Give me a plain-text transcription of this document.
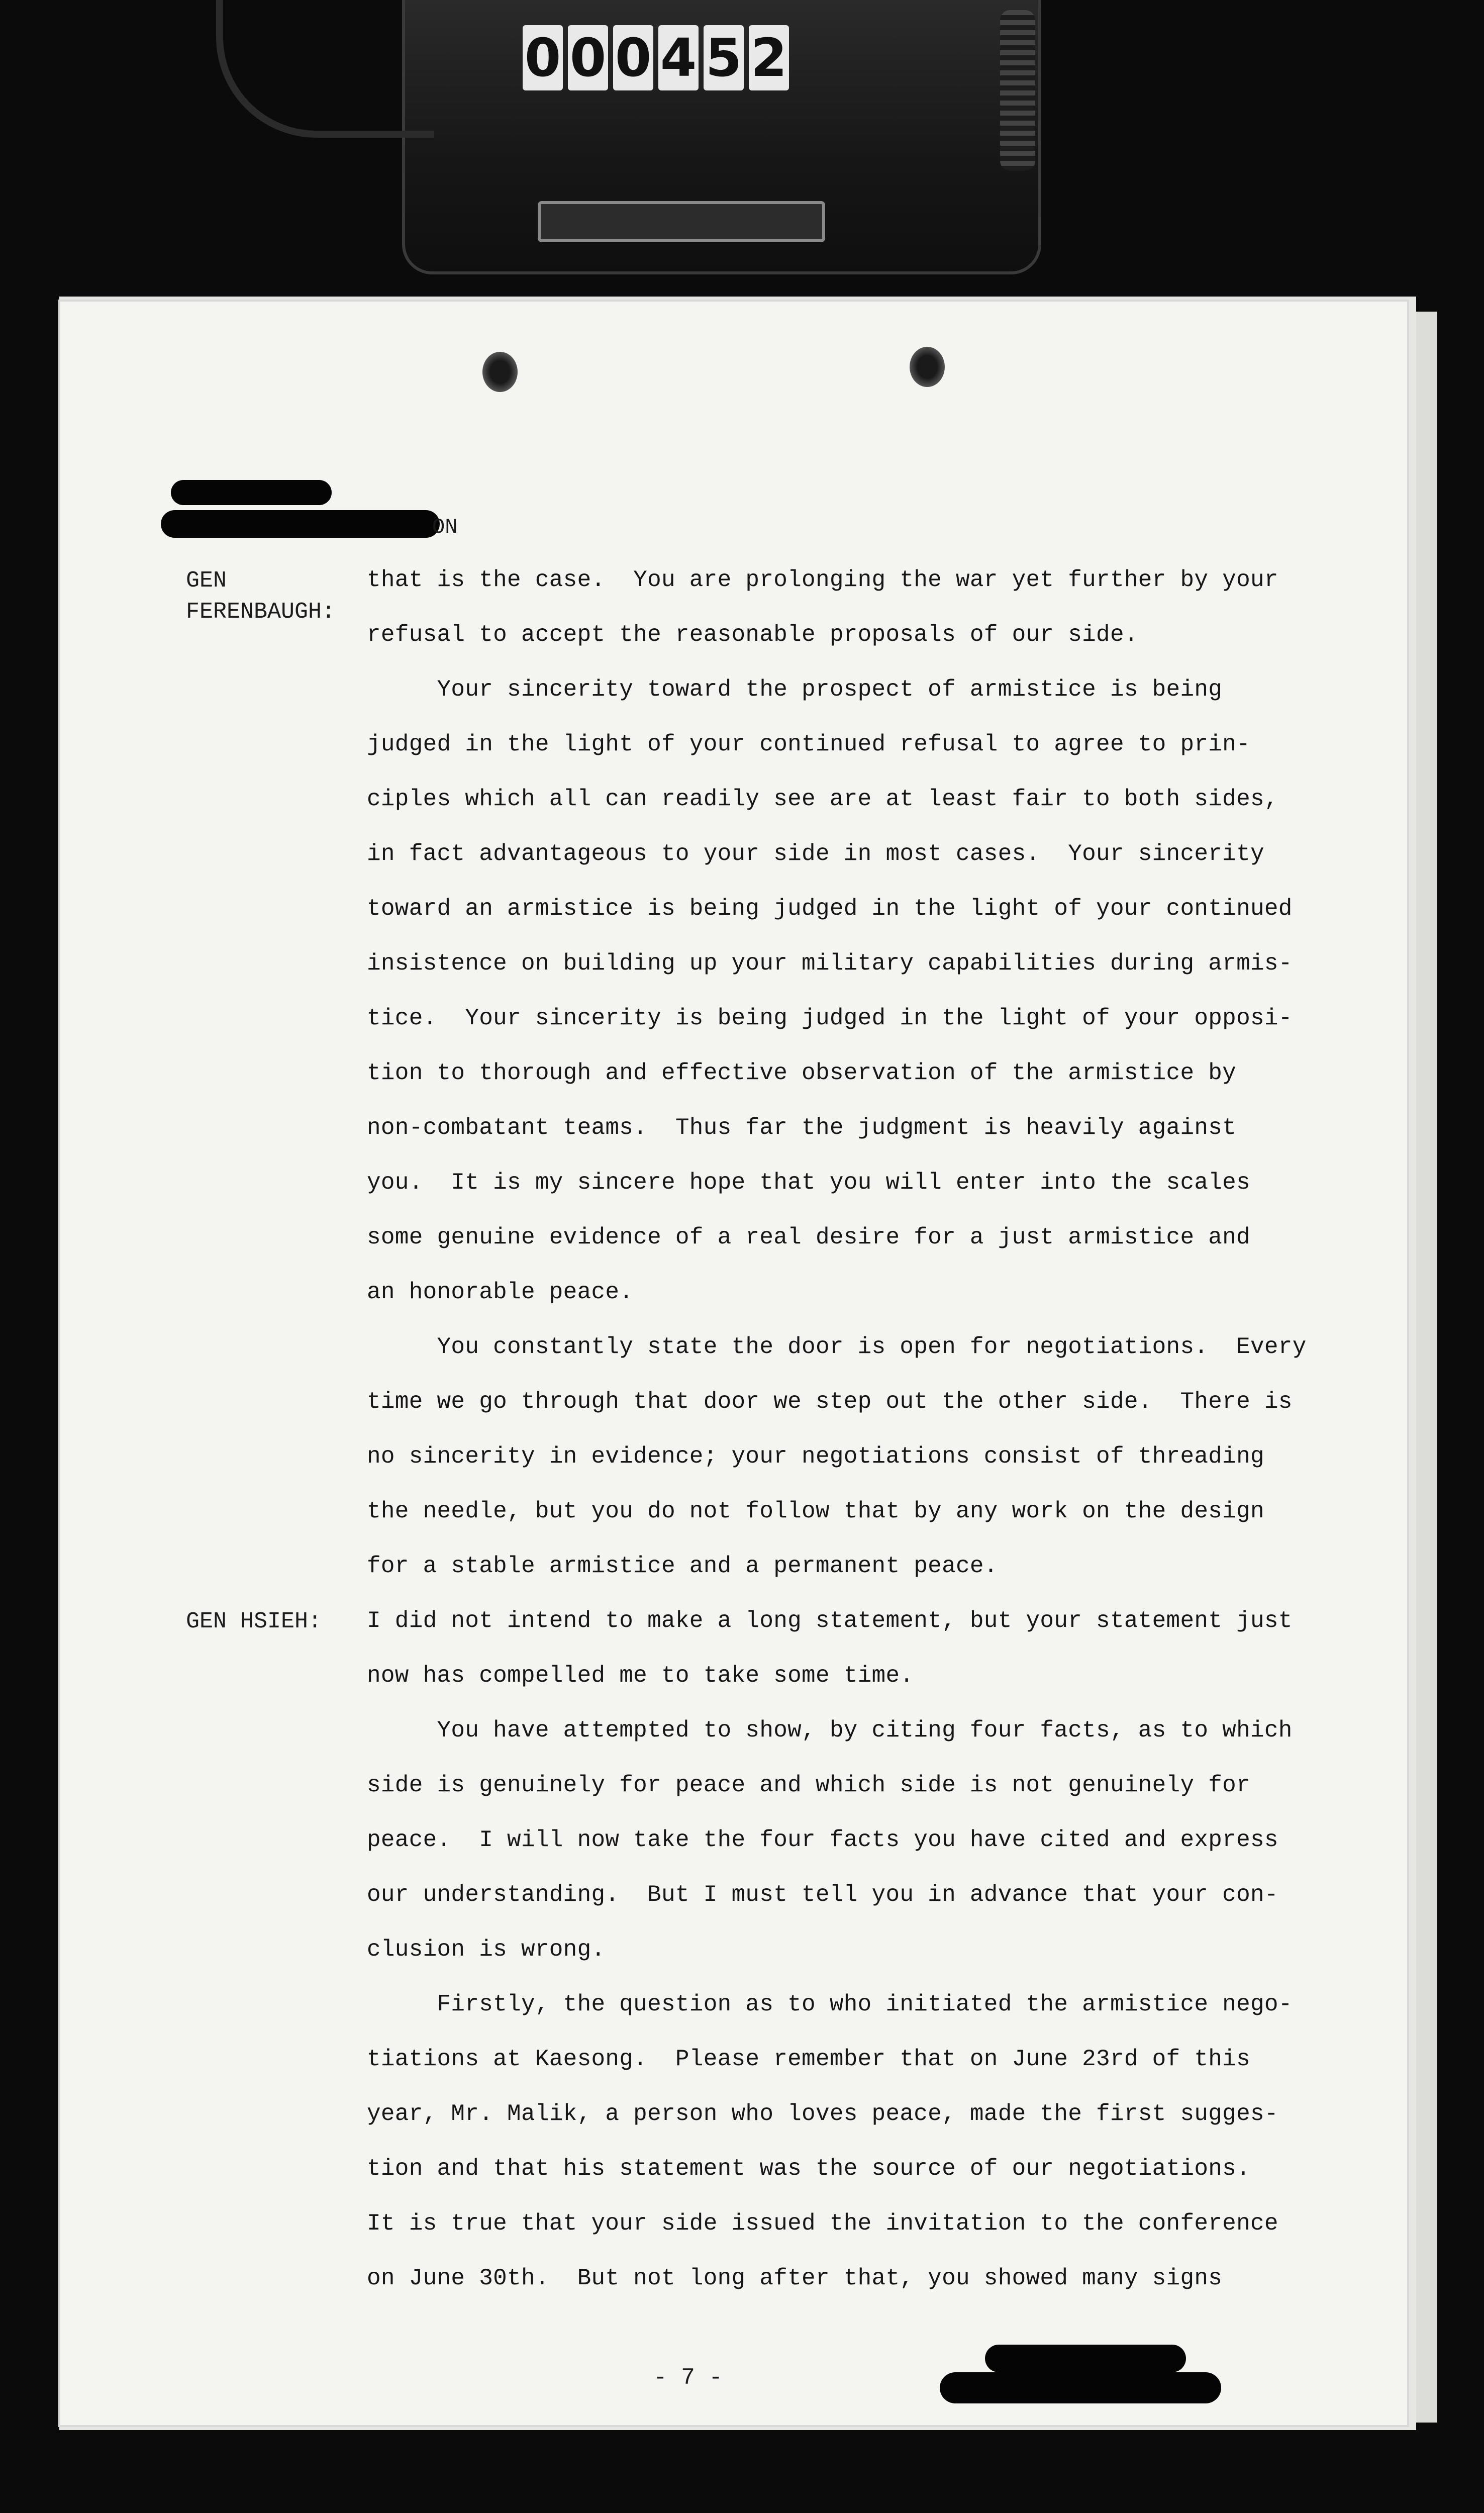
0 0 0 4 5 2
ON
GEN
FERENBAUGH:
GEN HSIEH:
that is the case.  You are prolonging the war yet further by your
refusal to accept the reasonable proposals of our side.
Your sincerity toward the prospect of armistice is being
judged in the light of your continued refusal to agree to prin-
ciples which all can readily see are at least fair to both sides,
in fact advantageous to your side in most cases.  Your sincerity
toward an armistice is being judged in the light of your continued
insistence on building up your military capabilities during armis-
tice.  Your sincerity is being judged in the light of your opposi-
tion to thorough and effective observation of the armistice by
non-combatant teams.  Thus far the judgment is heavily against
you.  It is my sincere hope that you will enter into the scales
some genuine evidence of a real desire for a just armistice and
an honorable peace.
You constantly state the door is open for negotiations.  Every
time we go through that door we step out the other side.  There is
no sincerity in evidence; your negotiations consist of threading
the needle, but you do not follow that by any work on the design
for a stable armistice and a permanent peace.
I did not intend to make a long statement, but your statement just
now has compelled me to take some time.
You have attempted to show, by citing four facts, as to which
side is genuinely for peace and which side is not genuinely for
peace.  I will now take the four facts you have cited and express
our understanding.  But I must tell you in advance that your con-
clusion is wrong.
Firstly, the question as to who initiated the armistice nego-
tiations at Kaesong.  Please remember that on June 23rd of this
year, Mr. Malik, a person who loves peace, made the first sugges-
tion and that his statement was the source of our negotiations.
It is true that your side issued the invitation to the conference
on June 30th.  But not long after that, you showed many signs
- 7 -
